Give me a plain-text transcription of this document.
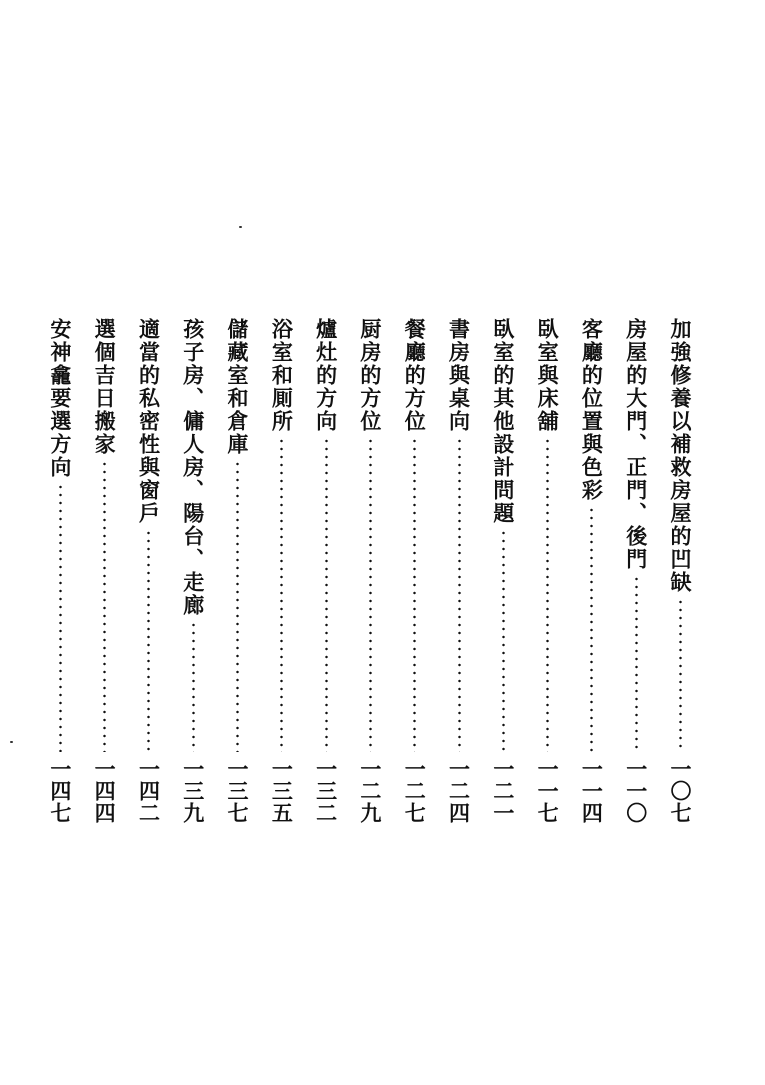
加強修養以補救房屋的凹缺
一〇七
房屋的大門、正門、後門
一一〇
客廳的位置與色彩
一一四
臥室與床舖
一一七
臥室的其他設計問題
一二一
書房與桌向
一二四
餐廳的方位
一二七
厨房的方位
一二九
爐灶的方向
一三二
浴室和厠所
一三五
儲藏室和倉庫
一三七
孩子房、傭人房、陽台、走廊
一三九
適當的私密性與窗戶
一四二
選個吉日搬家
一四四
安神龕要選方向
一四七
